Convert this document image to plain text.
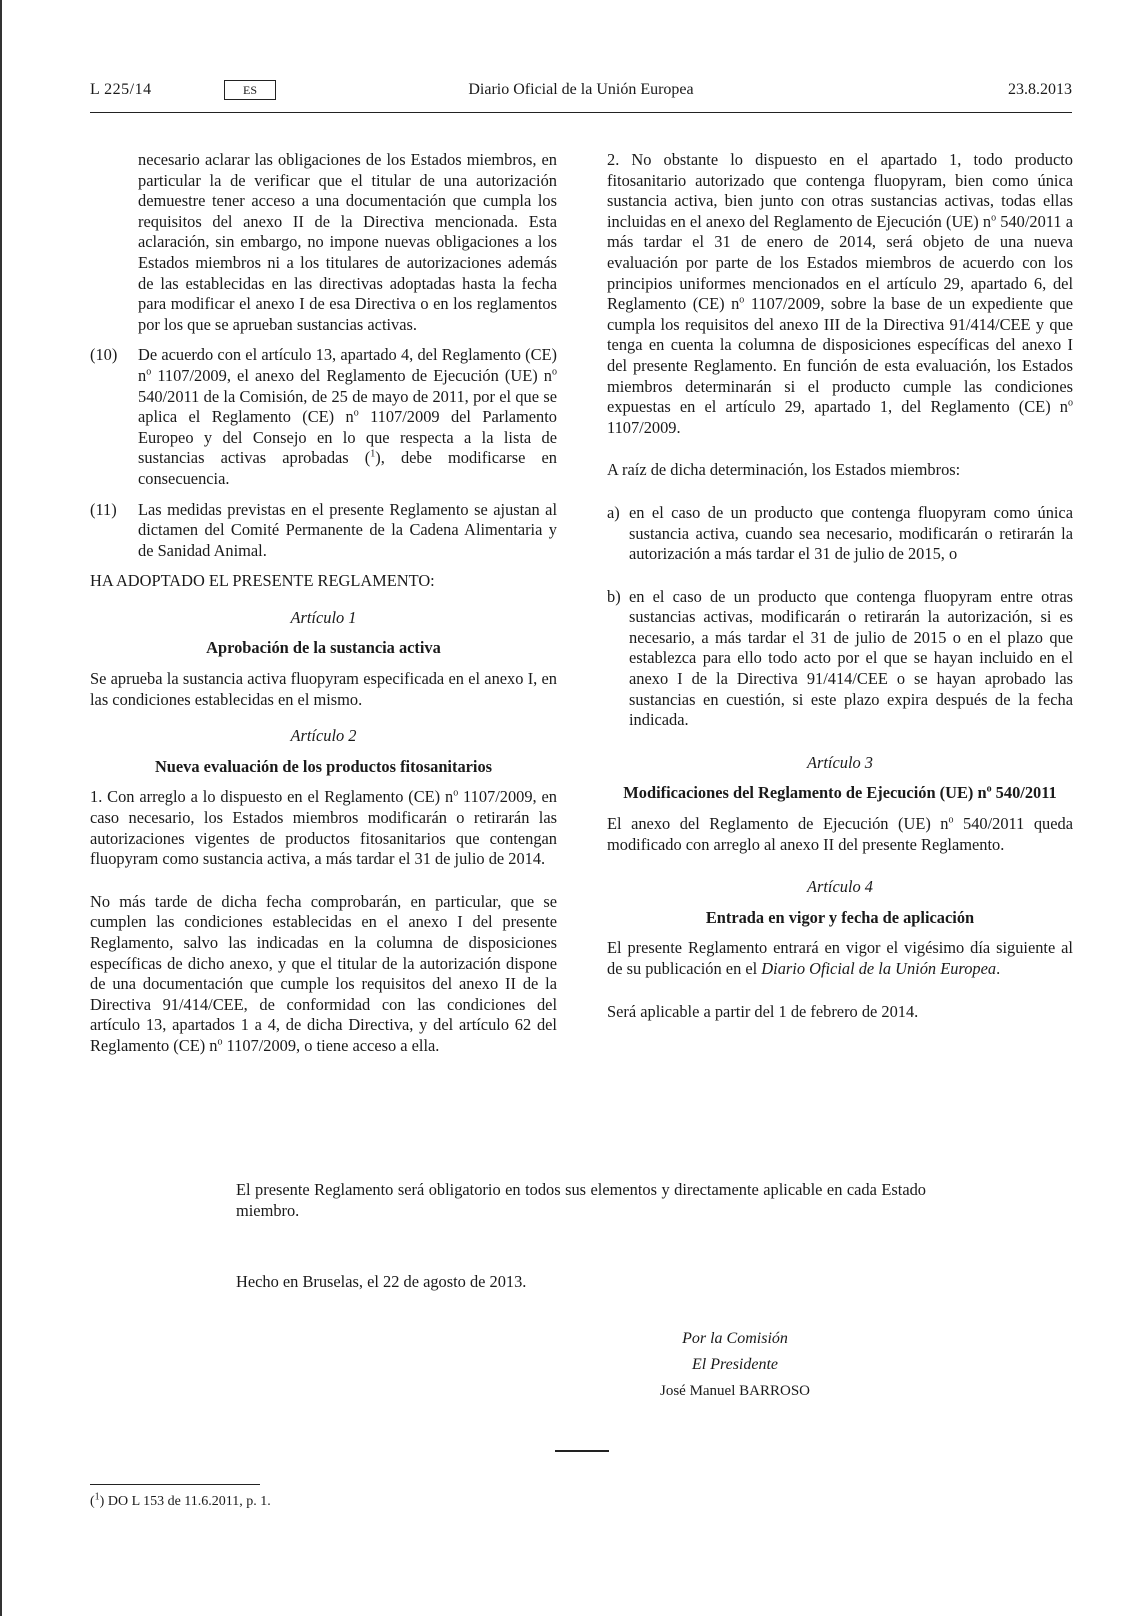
L 225/14	ES	Diario Oficial de la Unión Europea	23.8.2013

necesario aclarar las obligaciones de los Estados miembros, en particular la de verificar que el titular de una autorización demuestre tener acceso a una documentación que cumpla los requisitos del anexo II de la Directiva mencionada. Esta aclaración, sin embargo, no impone nuevas obligaciones a los Estados miembros ni a los titulares de autorizaciones además de las establecidas en las directivas adoptadas hasta la fecha para modificar el anexo I de esa Directiva o en los reglamentos por los que se aprueban sustancias activas.

(10)	De acuerdo con el artículo 13, apartado 4, del Reglamento (CE) $n^o$ 1107/2009, el anexo del Reglamento de Ejecución (UE) $n^o$ 540/2011 de la Comisión, de 25 de mayo de 2011, por el que se aplica el Reglamento (CE) $n^o$ 1107/2009 del Parlamento Europeo y del Consejo en lo que respecta a la lista de sustancias activas aprobadas ($^1$), debe modificarse en consecuencia.
(11)	Las medidas previstas en el presente Reglamento se ajustan al dictamen del Comité Permanente de la Cadena Alimentaria y de Sanidad Animal.

HA ADOPTADO EL PRESENTE REGLAMENTO:

Artículo 1

Aprobación de la sustancia activa

Se aprueba la sustancia activa fluopyram especificada en el anexo I, en las condiciones establecidas en el mismo.

Artículo 2

Nueva evaluación de los productos fitosanitarios

1. Con arreglo a lo dispuesto en el Reglamento (CE) $n^o$ 1107/2009, en caso necesario, los Estados miembros modificarán o retirarán las autorizaciones vigentes de productos fitosanitarios que contengan fluopyram como sustancia activa, a más tardar el 31 de julio de 2014.

No más tarde de dicha fecha comprobarán, en particular, que se cumplen las condiciones establecidas en el anexo I del presente Reglamento, salvo las indicadas en la columna de disposiciones específicas de dicho anexo, y que el titular de la autorización dispone de una documentación que cumple los requisitos del anexo II de la Directiva 91/414/CEE, de conformidad con las condiciones del artículo 13, apartados 1 a 4, de dicha Directiva, y del artículo 62 del Reglamento (CE) $n^o$ 1107/2009, o tiene acceso a ella.

2. No obstante lo dispuesto en el apartado 1, todo producto fitosanitario autorizado que contenga fluopyram, bien como única sustancia activa, bien junto con otras sustancias activas, todas ellas incluidas en el anexo del Reglamento de Ejecución (UE) $n^o$ 540/2011 a más tardar el 31 de enero de 2014, será objeto de una nueva evaluación por parte de los Estados miembros de acuerdo con los principios uniformes mencionados en el artículo 29, apartado 6, del Reglamento (CE) $n^o$ 1107/2009, sobre la base de un expediente que cumpla los requisitos del anexo III de la Directiva 91/414/CEE y que tenga en cuenta la columna de disposiciones específicas del anexo I del presente Reglamento. En función de esta evaluación, los Estados miembros determinarán si el producto cumple las condiciones expuestas en el artículo 29, apartado 1, del Reglamento (CE) $n^o$ 1107/2009.

A raíz de dicha determinación, los Estados miembros:

a) en el caso de un producto que contenga fluopyram como única sustancia activa, cuando sea necesario, modificarán o retirarán la autorización a más tardar el 31 de julio de 2015, o
b) en el caso de un producto que contenga fluopyram entre otras sustancias activas, modificarán o retirarán la autorización, si es necesario, a más tardar el 31 de julio de 2015 o en el plazo que establezca para ello todo acto por el que se hayan incluido en el anexo I de la Directiva 91/414/CEE o se hayan aprobado las sustancias en cuestión, si este plazo expira después de la fecha indicada.

Artículo 3

Modificaciones del Reglamento de Ejecución (UE) $n^o$ 540/2011

El anexo del Reglamento de Ejecución (UE) $n^o$ 540/2011 queda modificado con arreglo al anexo II del presente Reglamento.

Artículo 4

Entrada en vigor y fecha de aplicación

El presente Reglamento entrará en vigor el vigésimo día siguiente al de su publicación en el Diario Oficial de la Unión Europea.

Será aplicable a partir del 1 de febrero de 2014.

El presente Reglamento será obligatorio en todos sus elementos y directamente aplicable en cada Estado miembro.

Hecho en Bruselas, el 22 de agosto de 2013.

Por la Comisión
El Presidente
José Manuel BARROSO
($^1$) DO L 153 de 11.6.2011, p. 1.
